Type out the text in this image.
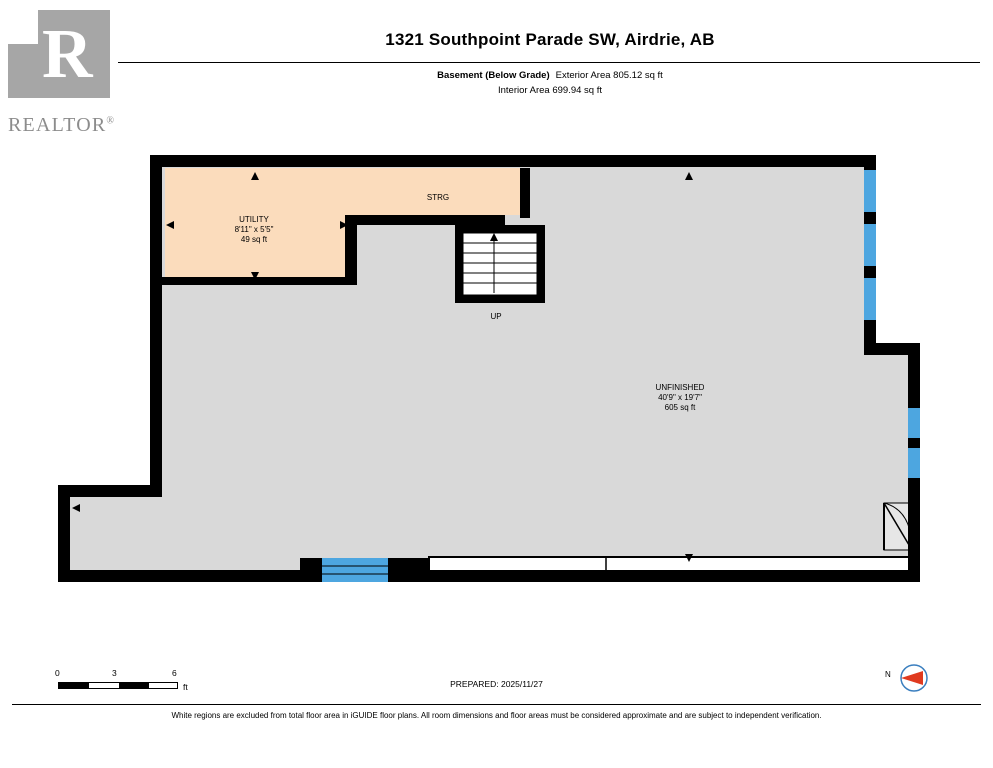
R
REALTOR®
1321 Southpoint Parade SW, Airdrie, AB
Basement (Below Grade) Exterior Area 805.12 sq ft
Interior Area 699.94 sq ft
UTILITY
8'11" x 5'5"
49 sq ft
STRG
UNFINISHED
40'9" x 19'7"
605 sq ft
UP
0	3	6
ft	PREPARED: 2025/11/27
N
White regions are excluded from total floor area in iGUIDE floor plans. All room dimensions and floor areas must be considered approximate and are subject to independent verification.
